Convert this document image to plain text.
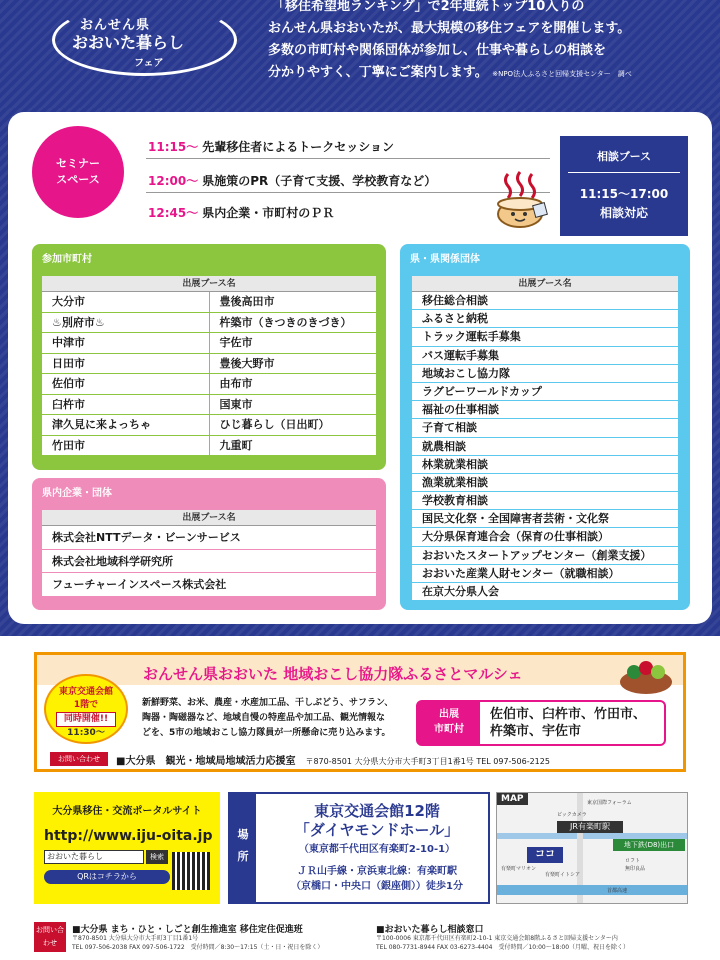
おんせん県
おおいた暮らし
フェア
「移住希望地ランキング」で2年連続トップ10入りの
おんせん県おおいたが、最大規模の移住フェアを開催します。
多数の市町村や関係団体が参加し、仕事や暮らしの相談を
分かりやすく、丁寧にご案内します。 ※NPO法人ふるさと回帰支援センター　調べ
セミナー
スペース
11:15〜 先輩移住者によるトークセッション
12:00〜 県施策のPR（子育て支援、学校教育など）
12:45〜 県内企業・市町村のＰＲ
相談ブース
11:15〜17:00
相談対応
参加市町村
出展ブース名
大分市	豊後高田市
♨別府市♨	杵築市（きつきのきづき）
中津市	宇佐市
日田市	豊後大野市
佐伯市	由布市
臼杵市	国東市
津久見に来よっちゃ	ひじ暮らし（日出町）
竹田市	九重町
県内企業・団体
出展ブース名
株式会社NTTデータ・ビーンサービス
株式会社地域科学研究所
フューチャーインスペース株式会社
県・県関係団体
出展ブース名
移住総合相談
ふるさと納税
トラック運転手募集
バス運転手募集
地域おこし協力隊
ラグビーワールドカップ
福祉の仕事相談
子育て相談
就農相談
林業就業相談
漁業就業相談
学校教育相談
国民文化祭・全国障害者芸術・文化祭
大分県保育連合会（保育の仕事相談）
おおいたスタートアップセンター（創業支援）
おおいた産業人財センター（就職相談）
在京大分県人会
おんせん県おおいた 地域おこし協力隊ふるさとマルシェ
東京交通会館
1階で
同時開催!!
11:30〜
新鮮野菜、お米、農産・水産加工品、干しぶどう、サフラン、
陶器・陶磁器など、地域自慢の特産品や加工品、観光情報な
どを、5市の地域おこし協力隊員が一所懸命に売り込みます。
出展
市町村
佐伯市、臼杵市、竹田市、
杵築市、宇佐市
お問い合わせ	■大分県　観光・地域局地域活力応援室　 〒870-8501 大分県大分市大手町3丁目1番1号 TEL 097-506-2125
大分県移住・交流ポータルサイト
http://www.iju-oita.jp
おおいた暮らし	検索
QRはコチラから
場
所
東京交通会館12階
「ダイヤモンドホール」
（東京都千代田区有楽町2-10-1）
ＪＲ山手線・京浜東北線：有楽町駅
（京橋口・中央口（銀座側））徒歩1分
MAP
JR有楽町駅
地下鉄(D8)出口
ココ
東京国際フォーラム
ビックカメラ
有楽町マリオン
有楽町イトシア
ロフト
無印良品
首都高速
お問い合わせ
■大分県 まち・ひと・しごと創生推進室 移住定住促進班
〒870-8501 大分県大分市大手町3丁目1番1号
TEL 097-506-2038 FAX 097-506-1722　受付時間／8:30〜17:15（土・日・祝日を除く）
■おおいた暮らし相談窓口
〒100-0006 東京都千代田区有楽町2-10-1 東京交通会館8階ふるさと回帰支援センター内
TEL 080-7731-8944 FAX 03-6273-4404　受付時間／10:00〜18:00（月曜、祝日を除く）
